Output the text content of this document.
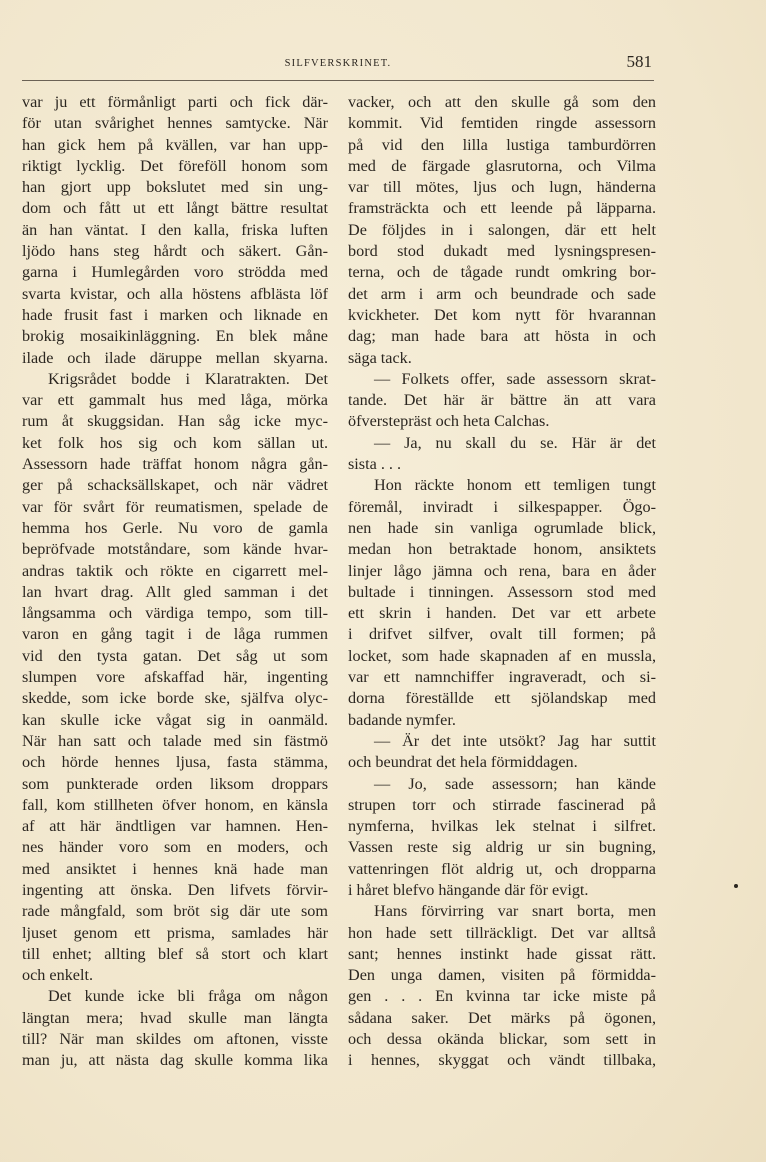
SILFVERSKRINET.	581
var ju ett förmånligt parti och fick där-
för utan svårighet hennes samtycke. När
han gick hem på kvällen, var han upp-
riktigt lycklig. Det föreföll honom som
han gjort upp bokslutet med sin ung-
dom och fått ut ett långt bättre resultat
än han väntat. I den kalla, friska luften
ljödo hans steg hårdt och säkert. Gån-
garna i Humlegården voro strödda med
svarta kvistar, och alla höstens afblästa löf
hade frusit fast i marken och liknade en
brokig mosaikinläggning. En blek måne
ilade och ilade däruppe mellan skyarna.
Krigsrådet bodde i Klaratrakten. Det
var ett gammalt hus med låga, mörka
rum åt skuggsidan. Han såg icke myc-
ket folk hos sig och kom sällan ut.
Assessorn hade träffat honom några gån-
ger på schacksällskapet, och när vädret
var för svårt för reumatismen, spelade de
hemma hos Gerle. Nu voro de gamla
bepröfvade motståndare, som kände hvar-
andras taktik och rökte en cigarrett mel-
lan hvart drag. Allt gled samman i det
långsamma och värdiga tempo, som till-
varon en gång tagit i de låga rummen
vid den tysta gatan. Det såg ut som
slumpen vore afskaffad här, ingenting
skedde, som icke borde ske, själfva olyc-
kan skulle icke vågat sig in oanmäld.
När han satt och talade med sin fästmö
och hörde hennes ljusa, fasta stämma,
som punkterade orden liksom droppars
fall, kom stillheten öfver honom, en känsla
af att här ändtligen var hamnen. Hen-
nes händer voro som en moders, och
med ansiktet i hennes knä hade man
ingenting att önska. Den lifvets förvir-
rade mångfald, som bröt sig där ute som
ljuset genom ett prisma, samlades här
till enhet; allting blef så stort och klart
och enkelt.
Det kunde icke bli fråga om någon
längtan mera; hvad skulle man längta
till? När man skildes om aftonen, visste
man ju, att nästa dag skulle komma lika
vacker, och att den skulle gå som den
kommit. Vid femtiden ringde assessorn
på vid den lilla lustiga tamburdörren
med de färgade glasrutorna, och Vilma
var till mötes, ljus och lugn, händerna
framsträckta och ett leende på läpparna.
De följdes in i salongen, där ett helt
bord stod dukadt med lysningspresen-
terna, och de tågade rundt omkring bor-
det arm i arm och beundrade och sade
kvickheter. Det kom nytt för hvarannan
dag; man hade bara att hösta in och
säga tack.
— Folkets offer, sade assessorn skrat-
tande. Det här är bättre än att vara
öfverstepräst och heta Calchas.
— Ja, nu skall du se. Här är det
sista . . .
Hon räckte honom ett temligen tungt
föremål, inviradt i silkespapper. Ögo-
nen hade sin vanliga ogrumlade blick,
medan hon betraktade honom, ansiktets
linjer lågo jämna och rena, bara en åder
bultade i tinningen. Assessorn stod med
ett skrin i handen. Det var ett arbete
i drifvet silfver, ovalt till formen; på
locket, som hade skapnaden af en mussla,
var ett namnchiffer ingraveradt, och si-
dorna föreställde ett sjölandskap med
badande nymfer.
— Är det inte utsökt? Jag har suttit
och beundrat det hela förmiddagen.
— Jo, sade assessorn; han kände
strupen torr och stirrade fascinerad på
nymferna, hvilkas lek stelnat i silfret.
Vassen reste sig aldrig ur sin bugning,
vattenringen flöt aldrig ut, och dropparna
i håret blefvo hängande där för evigt.
Hans förvirring var snart borta, men
hon hade sett tillräckligt. Det var alltså
sant; hennes instinkt hade gissat rätt.
Den unga damen, visiten på förmidda-
gen . . . En kvinna tar icke miste på
sådana saker. Det märks på ögonen,
och dessa okända blickar, som sett in
i hennes, skyggat och vändt tillbaka,
